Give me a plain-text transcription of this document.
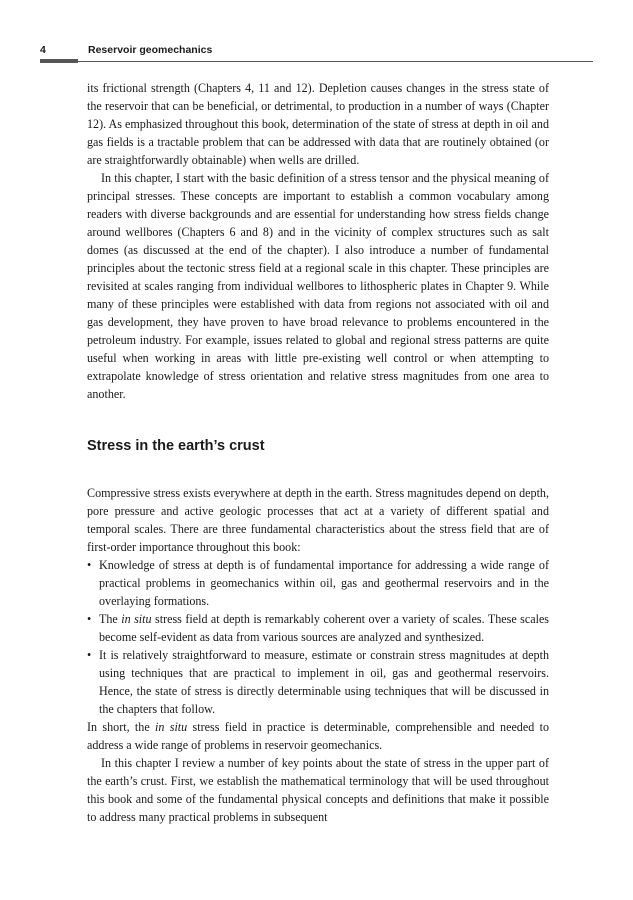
4	Reservoir geomechanics

its frictional strength (Chapters 4, 11 and 12). Depletion causes changes in the stress state of the reservoir that can be beneficial, or detrimental, to production in a number of ways (Chapter 12). As emphasized throughout this book, determination of the state of stress at depth in oil and gas fields is a tractable problem that can be addressed with data that are routinely obtained (or are straightforwardly obtainable) when wells are drilled.

In this chapter, I start with the basic definition of a stress tensor and the physical meaning of principal stresses. These concepts are important to establish a common vocabulary among readers with diverse backgrounds and are essential for understanding how stress fields change around wellbores (Chapters 6 and 8) and in the vicinity of complex structures such as salt domes (as discussed at the end of the chapter). I also introduce a number of fundamental principles about the tectonic stress field at a regional scale in this chapter. These principles are revisited at scales ranging from individual wellbores to lithospheric plates in Chapter 9. While many of these principles were established with data from regions not associated with oil and gas development, they have proven to have broad relevance to problems encountered in the petroleum industry. For example, issues related to global and regional stress patterns are quite useful when working in areas with little pre-existing well control or when attempting to extrapolate knowledge of stress orientation and relative stress magnitudes from one area to another.

Stress in the earth’s crust

Compressive stress exists everywhere at depth in the earth. Stress magnitudes depend on depth, pore pressure and active geologic processes that act at a variety of different spatial and temporal scales. There are three fundamental characteristics about the stress field that are of first-order importance throughout this book:

• Knowledge of stress at depth is of fundamental importance for addressing a wide range of practical problems in geomechanics within oil, gas and geothermal reservoirs and in the overlaying formations.
• The in situ stress field at depth is remarkably coherent over a variety of scales. These scales become self-evident as data from various sources are analyzed and synthesized.
• It is relatively straightforward to measure, estimate or constrain stress magnitudes at depth using techniques that are practical to implement in oil, gas and geothermal reservoirs. Hence, the state of stress is directly determinable using techniques that will be discussed in the chapters that follow.

In short, the in situ stress field in practice is determinable, comprehensible and needed to address a wide range of problems in reservoir geomechanics.

In this chapter I review a number of key points about the state of stress in the upper part of the earth’s crust. First, we establish the mathematical terminology that will be used throughout this book and some of the fundamental physical concepts and definitions that make it possible to address many practical problems in subsequent
